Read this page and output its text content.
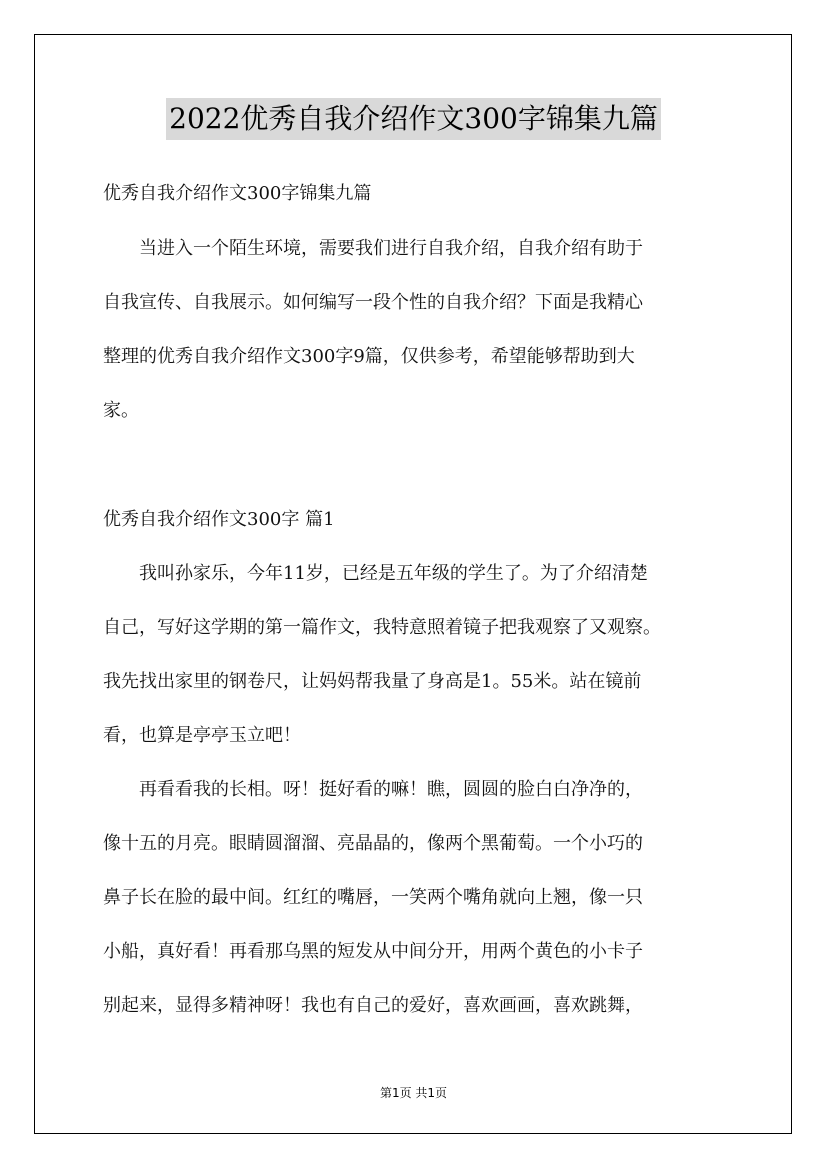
2022优秀自我介绍作文300字锦集九篇
优秀自我介绍作文300字锦集九篇
　　当进入一个陌生环境，需要我们进行自我介绍，自我介绍有助于
自我宣传、自我展示。如何编写一段个性的自我介绍？下面是我精心
整理的优秀自我介绍作文300字9篇，仅供参考，希望能够帮助到大
家。
优秀自我介绍作文300字 篇1
　　我叫孙家乐，今年11岁，已经是五年级的学生了。为了介绍清楚
自己，写好这学期的第一篇作文，我特意照着镜子把我观察了又观察。
我先找出家里的钢卷尺，让妈妈帮我量了身高是1。55米。站在镜前
看，也算是亭亭玉立吧！
　　再看看我的长相。呀！挺好看的嘛！瞧，圆圆的脸白白净净的，
像十五的月亮。眼睛圆溜溜、亮晶晶的，像两个黑葡萄。一个小巧的
鼻子长在脸的最中间。红红的嘴唇，一笑两个嘴角就向上翘，像一只
小船，真好看！再看那乌黑的短发从中间分开，用两个黄色的小卡子
别起来，显得多精神呀！我也有自己的爱好，喜欢画画，喜欢跳舞，
第1页 共1页
